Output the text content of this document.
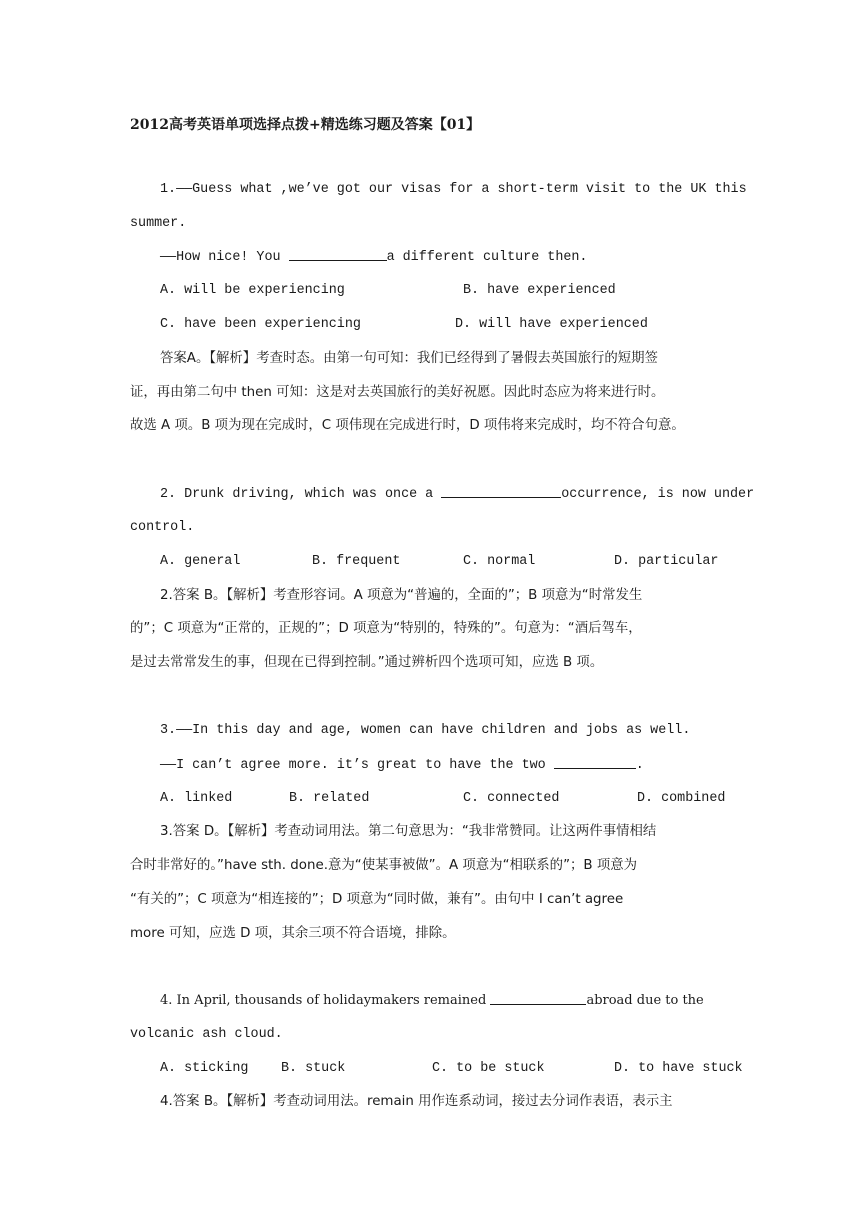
2012高考英语单项选择点拨+精选练习题及答案【01】
1.——Guess what ,we’ve got our visas for a short-term visit to the UK this
summer.
——How nice! You	a different culture then.
A. will be experiencing	B. have experienced
C. have been experiencing	D. will have experienced
答案A。【解析】考查时态。由第一句可知：我们已经得到了暑假去英国旅行的短期签
证，再由第二句中 then 可知：这是对去英国旅行的美好祝愿。因此时态应为将来进行时。
故选 A 项。B 项为现在完成时，C 项伟现在完成进行时，D 项伟将来完成时，均不符合句意。
2. Drunk driving, which was once a	occurrence, is now under
control.
A. general	B. frequent	C. normal	D. particular
2.答案 B。【解析】考查形容词。A 项意为“普遍的，全面的”；B 项意为“时常发生
的”；C 项意为“正常的，正规的”；D 项意为“特别的，特殊的”。句意为：“酒后驾车，
是过去常常发生的事，但现在已得到控制。”通过辨析四个选项可知，应选 B 项。
3.——In this day and age, women can have children and jobs as well.
——I can’t agree more. it’s great to have the two	.
A. linked	B. related	C. connected	D. combined
3.答案 D。【解析】考查动词用法。第二句意思为：“我非常赞同。让这两件事情相结
合时非常好的。”have sth. done.意为“使某事被做”。A 项意为“相联系的”；B 项意为
“有关的”；C 项意为“相连接的”；D 项意为“同时做，兼有”。由句中 I can’t agree
more 可知，应选 D 项，其余三项不符合语境，排除。
4. In April, thousands of holidaymakers remained	abroad due to the
volcanic ash cloud.
A. sticking B. stuck	C. to be stuck	D. to have stuck
4.答案 B。【解析】考查动词用法。remain 用作连系动词，接过去分词作表语，表示主
